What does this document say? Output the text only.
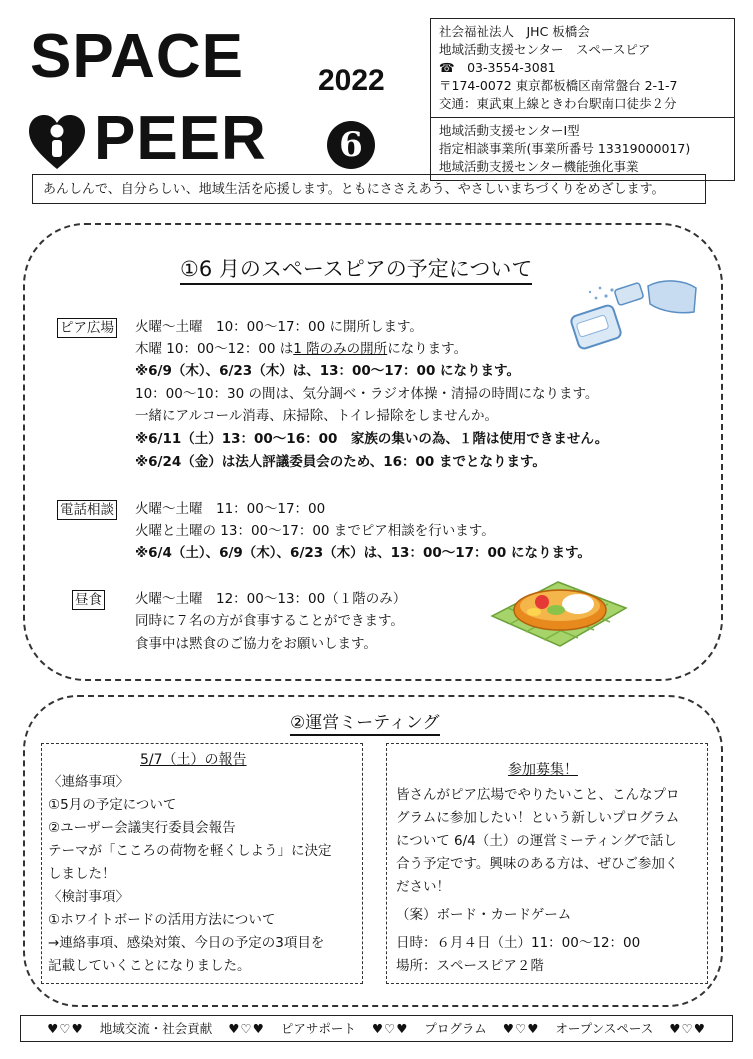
SPACE
PEER
2022
6
社会福祉法人　JHC 板橋会
地域活動支援センター　スペースピア
☎　03-3554-3081
〒174-0072 東京都板橋区南常盤台 2-1-7
交通：東武東上線ときわ台駅南口徒歩２分
地域活動支援センターⅠ型
指定相談事業所(事業所番号 13319000017)
地域活動支援センター機能強化事業
あんしんで、自分らしい、地域生活を応援します。ともにささえあう、やさしいまちづくりをめざします。
①6 月のスペースピアの予定について
ピア広場 火曜～土曜　10：00～17：00 に開所します。
木曜 10：00～12：00 は1 階のみの開所になります。
※6/9（木）、6/23（木）は、13：00～17：00 になります。
10：00～10：30 の間は、気分調べ・ラジオ体操・清掃の時間になります。
一緒にアルコール消毒、床掃除、トイレ掃除をしませんか。
※6/11（土）13：00～16：00　家族の集いの為、１階は使用できません。
※6/24（金）は法人評議委員会のため、16：00 までとなります。
電話相談 火曜～土曜　11：00～17：00
火曜と土曜の 13：00～17：00 までピア相談を行います。
※6/4（土）、6/9（木）、6/23（木）は、13：00～17：00 になります。
昼食 火曜～土曜　12：00～13：00（１階のみ）
同時に７名の方が食事することができます。
食事中は黙食のご協力をお願いします。
②運営ミーティング
5/7（土）の報告
〈連絡事項〉
①5月の予定について
②ユーザー会議実行委員会報告
テーマが「こころの荷物を軽くしよう」に決定
しました！
〈検討事項〉
①ホワイトボードの活用方法について
→連絡事項、感染対策、今日の予定の3項目を
記載していくことになりました。
参加募集！
皆さんがピア広場でやりたいこと、こんなプロ
グラムに参加したい！という新しいプログラム
について 6/4（土）の運営ミーティングで話し
合う予定です。興味のある方は、ぜひご参加く
ださい！
（案）ボード・カードゲーム
日時：６月４日（土）11：00～12：00
場所：スペースピア２階
♥♡♥ 地域交流・社会貢献 ♥♡♥ ピアサポート ♥♡♥ プログラム ♥♡♥ オープンスペース ♥♡♥
